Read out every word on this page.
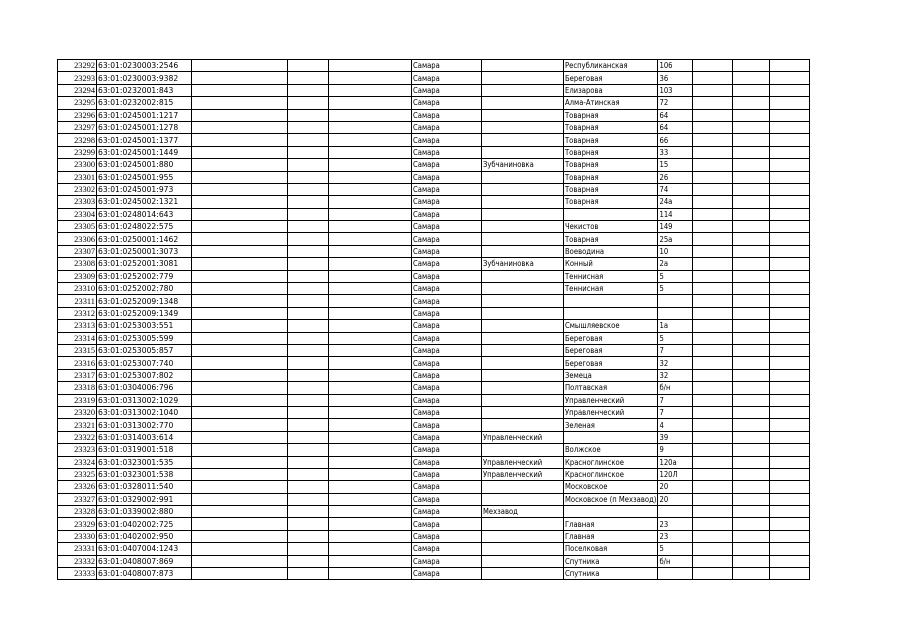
23292	63:01:0230003:2546				Самара		Республиканская	106			
23293	63:01:0230003:9382				Самара		Береговая	36			
23294	63:01:0232001:843				Самара		Елизарова	103			
23295	63:01:0232002:815				Самара		Алма-Атинская	72			
23296	63:01:0245001:1217				Самара		Товарная	64			
23297	63:01:0245001:1278				Самара		Товарная	64			
23298	63:01:0245001:1377				Самара		Товарная	66			
23299	63:01:0245001:1449				Самара		Товарная	33			
23300	63:01:0245001:880				Самара	Зубчаниновка	Товарная	15			
23301	63:01:0245001:955				Самара		Товарная	26			
23302	63:01:0245001:973				Самара		Товарная	74			
23303	63:01:0245002:1321				Самара		Товарная	24а			
23304	63:01:0248014:643				Самара			114			
23305	63:01:0248022:575				Самара		Чекистов	149			
23306	63:01:0250001:1462				Самара		Товарная	25а			
23307	63:01:0250001:3073				Самара		Воеводина	10			
23308	63:01:0252001:3081				Самара	Зубчаниновка	Конный	2а			
23309	63:01:0252002:779				Самара		Теннисная	5			
23310	63:01:0252002:780				Самара		Теннисная	5			
23311	63:01:0252009:1348				Самара						
23312	63:01:0252009:1349				Самара						
23313	63:01:0253003:551				Самара		Смышляевское	1а			
23314	63:01:0253005:599				Самара		Береговая	5			
23315	63:01:0253005:857				Самара		Береговая	7			
23316	63:01:0253007:740				Самара		Береговая	32			
23317	63:01:0253007:802				Самара		Земеца	32			
23318	63:01:0304006:796				Самара		Полтавская	б/н			
23319	63:01:0313002:1029				Самара		Управленческий	7			
23320	63:01:0313002:1040				Самара		Управленческий	7			
23321	63:01:0313002:770				Самара		Зеленая	4			
23322	63:01:0314003:614				Самара	Управленческий		39			
23323	63:01:0319001:518				Самара		Волжское	9			
23324	63:01:0323001:535				Самара	Управленческий	Красноглинское	120а			
23325	63:01:0323001:538				Самара	Управленческий	Красноглинское	120Л			
23326	63:01:0328011:540				Самара		Московское	20			
23327	63:01:0329002:991				Самара		Московское (п Мехзавод)	20			
23328	63:01:0339002:880				Самара	Мехзавод					
23329	63:01:0402002:725				Самара		Главная	23			
23330	63:01:0402002:950				Самара		Главная	23			
23331	63:01:0407004:1243				Самара		Поселковая	5			
23332	63:01:0408007:869				Самара		Спутника	б/н			
23333	63:01:0408007:873				Самара		Спутника				
